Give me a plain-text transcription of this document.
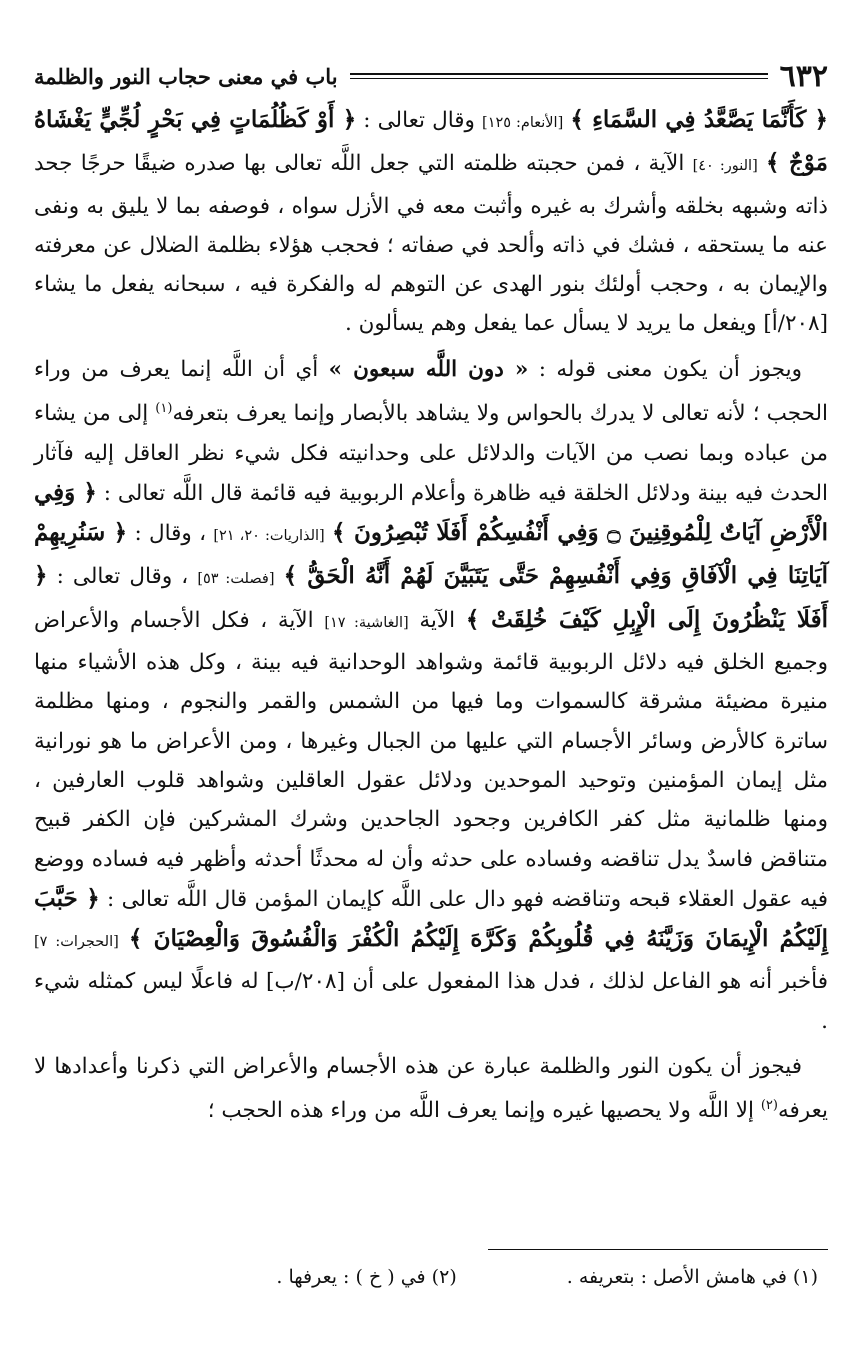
٦٣٢
باب في معنى حجاب النور والظلمة

﴿ كَأَنَّمَا يَصَّعَّدُ فِي السَّمَاءِ ﴾ [الأنعام: ١٢٥] وقال تعالى : ﴿ أَوْ كَظُلُمَاتٍ فِي بَحْرٍ لُجِّيٍّ يَغْشَاهُ مَوْجٌ ﴾ [النور: ٤٠] الآية ، فمن حجبته ظلمته التي جعل اللَّه تعالى بها صدره ضيقًا حرجًا جحد ذاته وشبهه بخلقه وأشرك به غيره وأثبت معه في الأزل سواه ، فوصفه بما لا يليق به ونفى عنه ما يستحقه ، فشك في ذاته وألحد في صفاته ؛ فحجب هؤلاء بظلمة الضلال عن معرفته والإيمان به ، وحجب أولئك بنور الهدى عن التوهم له والفكرة فيه ، سبحانه يفعل ما يشاء [٢٠٨/أ] ويفعل ما يريد لا يسأل عما يفعل وهم يسألون .

ويجوز أن يكون معنى قوله : « دون اللَّه سبعون » أي أن اللَّه إنما يعرف من وراء الحجب ؛ لأنه تعالى لا يدرك بالحواس ولا يشاهد بالأبصار وإنما يعرف بتعرفه$^{(١)}$ إلى من يشاء من عباده وبما نصب من الآيات والدلائل على وحدانيته فكل شيء نظر العاقل إليه فآثار الحدث فيه بينة ودلائل الخلقة فيه ظاهرة وأعلام الربوبية فيه قائمة قال اللَّه تعالى : ﴿ وَفِي الْأَرْضِ آيَاتٌ لِلْمُوقِنِينَ ۝ وَفِي أَنْفُسِكُمْ أَفَلَا تُبْصِرُونَ ﴾ [الذاريات: ٢٠، ٢١] ، وقال : ﴿ سَنُرِيهِمْ آيَاتِنَا فِي الْآفَاقِ وَفِي أَنْفُسِهِمْ حَتَّى يَتَبَيَّنَ لَهُمْ أَنَّهُ الْحَقُّ ﴾ [فصلت: ٥٣] ، وقال تعالى : ﴿ أَفَلَا يَنْظُرُونَ إِلَى الْإِبِلِ كَيْفَ خُلِقَتْ ﴾ الآية [الغاشية: ١٧] الآية ، فكل الأجسام والأعراض وجميع الخلق فيه دلائل الربوبية قائمة وشواهد الوحدانية فيه بينة ، وكل هذه الأشياء منها منيرة مضيئة مشرقة كالسموات وما فيها من الشمس والقمر والنجوم ، ومنها مظلمة ساترة كالأرض وسائر الأجسام التي عليها من الجبال وغيرها ، ومن الأعراض ما هو نورانية مثل إيمان المؤمنين وتوحيد الموحدين ودلائل عقول العاقلين وشواهد قلوب العارفين ، ومنها ظلمانية مثل كفر الكافرين وجحود الجاحدين وشرك المشركين فإن الكفر قبيح متناقض فاسدٌ يدل تناقضه وفساده على حدثه وأن له محدثًا أحدثه وأظهر فيه فساده ووضع فيه عقول العقلاء قبحه وتناقضه فهو دال على اللَّه كإيمان المؤمن قال اللَّه تعالى : ﴿ حَبَّبَ إِلَيْكُمُ الْإِيمَانَ وَزَيَّنَهُ فِي قُلُوبِكُمْ وَكَرَّهَ إِلَيْكُمُ الْكُفْرَ وَالْفُسُوقَ وَالْعِصْيَانَ ﴾ [الحجرات: ٧] فأخبر أنه هو الفاعل لذلك ، فدل هذا المفعول على أن [٢٠٨/ب] له فاعلًا ليس كمثله شيء .

فيجوز أن يكون النور والظلمة عبارة عن هذه الأجسام والأعراض التي ذكرنا وأعدادها لا يعرفه$^{(٢)}$ إلا اللَّه ولا يحصيها غيره وإنما يعرف اللَّه من وراء هذه الحجب ؛

(١) في هامش الأصل : بتعريفه .
(٢) في ( خ ) : يعرفها .
